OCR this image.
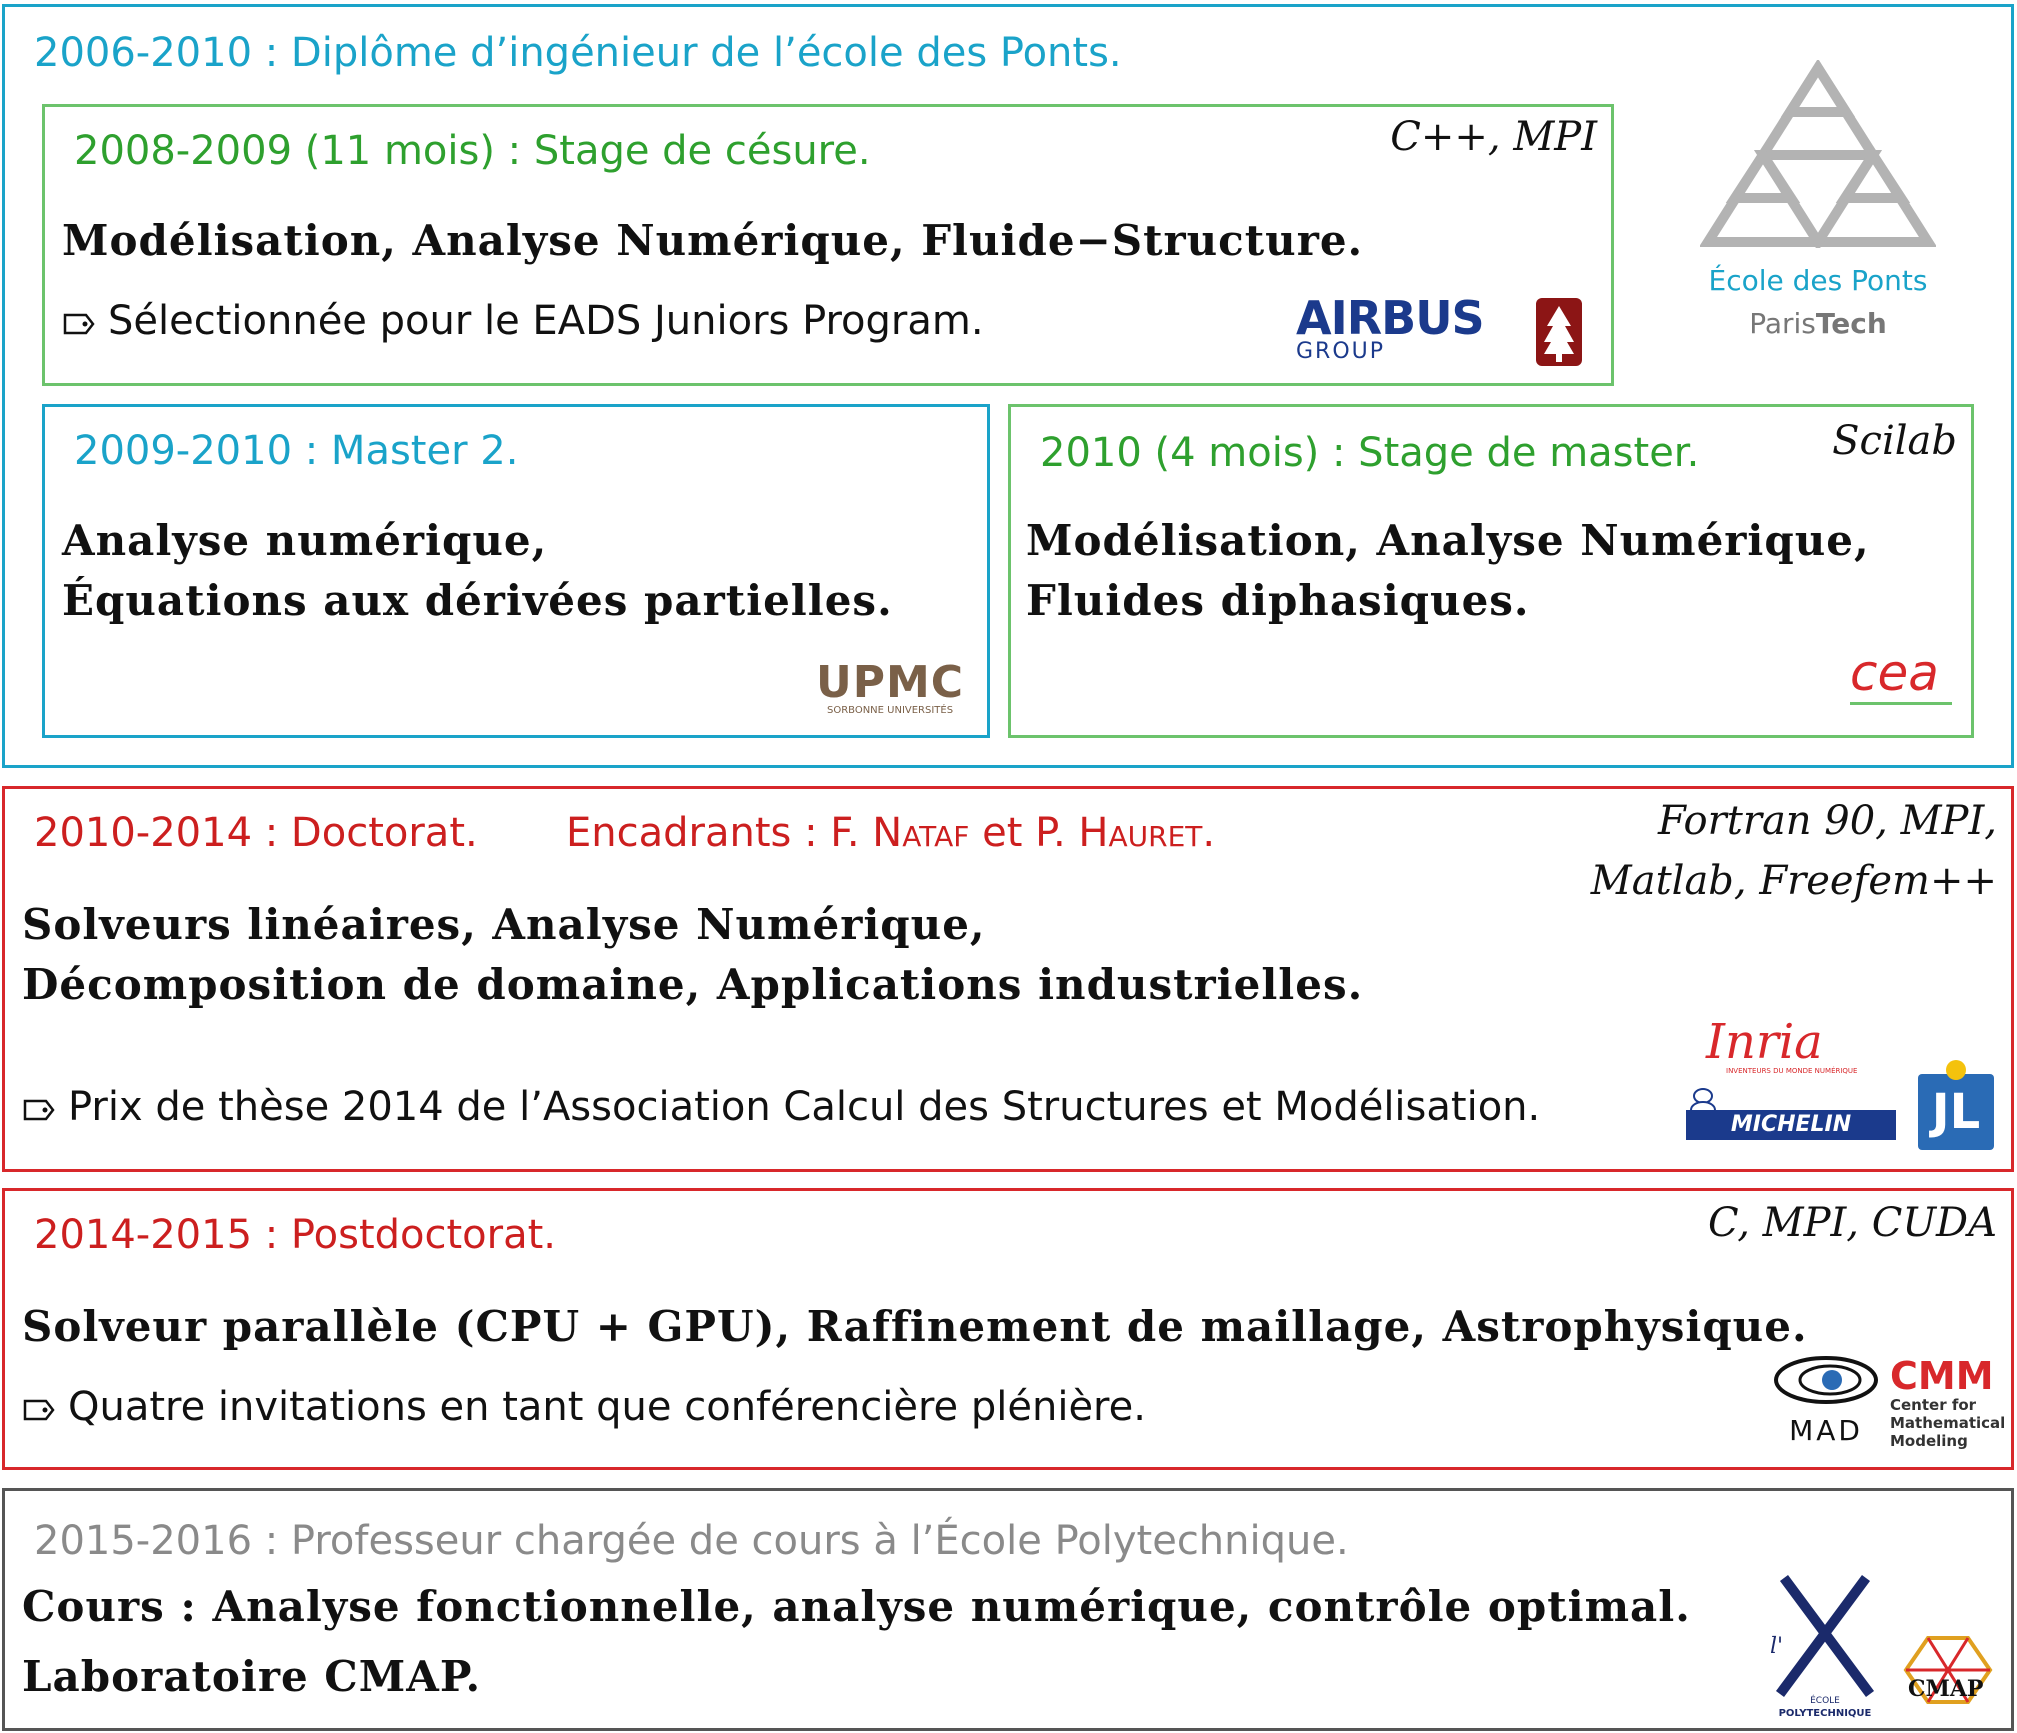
2006-2010 : Diplôme d’ingénieur de l’école des Ponts.
2008-2009 (11 mois) : Stage de césure.	C++, MPI
Modélisation, Analyse Numérique, Fluide−Structure.
Sélectionnée pour le EADS Juniors Program.	AIRBUS
GROUP
École des Ponts
ParisTech
2009-2010 : Master 2.
Analyse numérique,
Équations aux dérivées partielles.
UPMC
SORBONNE UNIVERSITÉS
2010 (4 mois) : Stage de master.	Scilab
Modélisation, Analyse Numérique,
Fluides diphasiques.
cea
2010-2014 : Doctorat. Encadrants : F. Nataf et P. Hauret.	Fortran 90, MPI,
Matlab, Freefem++
Solveurs linéaires, Analyse Numérique,
Décomposition de domaine, Applications industrielles.
Prix de thèse 2014 de l’Association Calcul des Structures et Modélisation.
Inria
INVENTEURS DU MONDE NUMÉRIQUE
MICHELIN	JL
2014-2015 : Postdoctorat.	C, MPI, CUDA
Solveur parallèle (CPU + GPU), Raffinement de maillage, Astrophysique.
Quatre invitations en tant que conférencière plénière.
MAD
CMM
Center for
Mathematical
Modeling
2015-2016 : Professeur chargée de cours à l’École Polytechnique.
Cours : Analyse fonctionnelle, analyse numérique, contrôle optimal.
Laboratoire CMAP.
l'
ÉCOLE
POLYTECHNIQUE
CMAP
